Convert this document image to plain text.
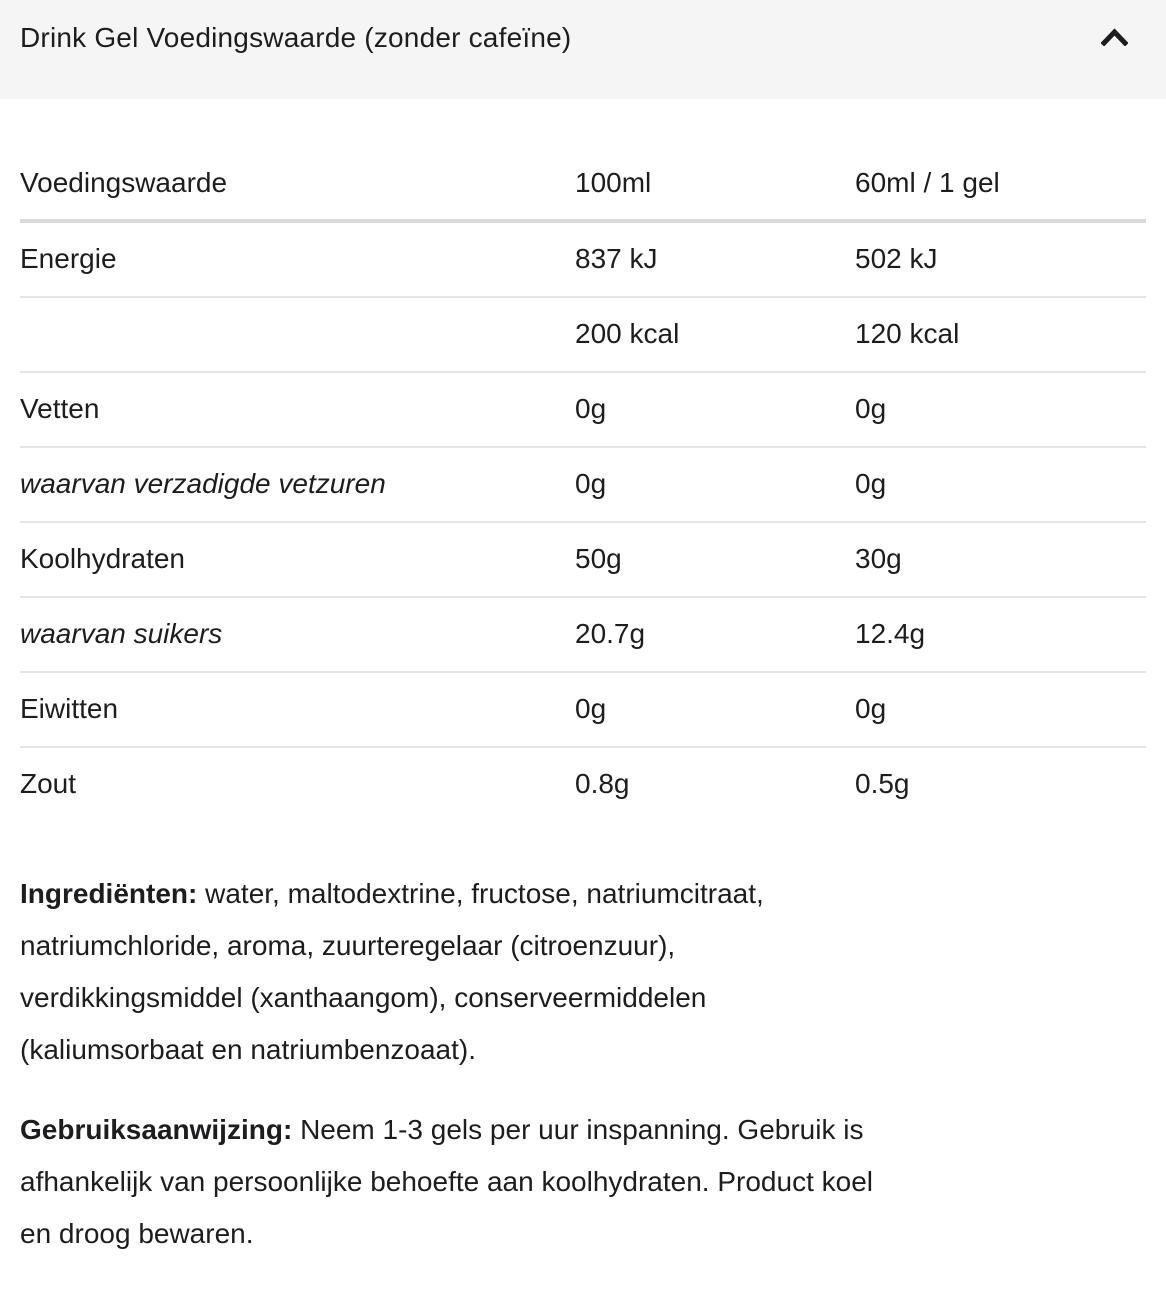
Drink Gel Voedingswaarde (zonder cafeïne)
Voedingswaarde	100ml	60ml / 1 gel
Energie	837 kJ	502 kJ
	200 kcal	120 kcal
Vetten	0g	0g
waarvan verzadigde vetzuren	0g	0g
Koolhydraten	50g	30g
waarvan suikers	20.7g	12.4g
Eiwitten	0g	0g
Zout	0.8g	0.5g

Ingrediënten: water, maltodextrine, fructose, natriumcitraat,
natriumchloride, aroma, zuurteregelaar (citroenzuur),
verdikkingsmiddel (xanthaangom), conserveermiddelen
(kaliumsorbaat en natriumbenzoaat).

Gebruiksaanwijzing: Neem 1-3 gels per uur inspanning. Gebruik is
afhankelijk van persoonlijke behoefte aan koolhydraten. Product koel
en droog bewaren.
